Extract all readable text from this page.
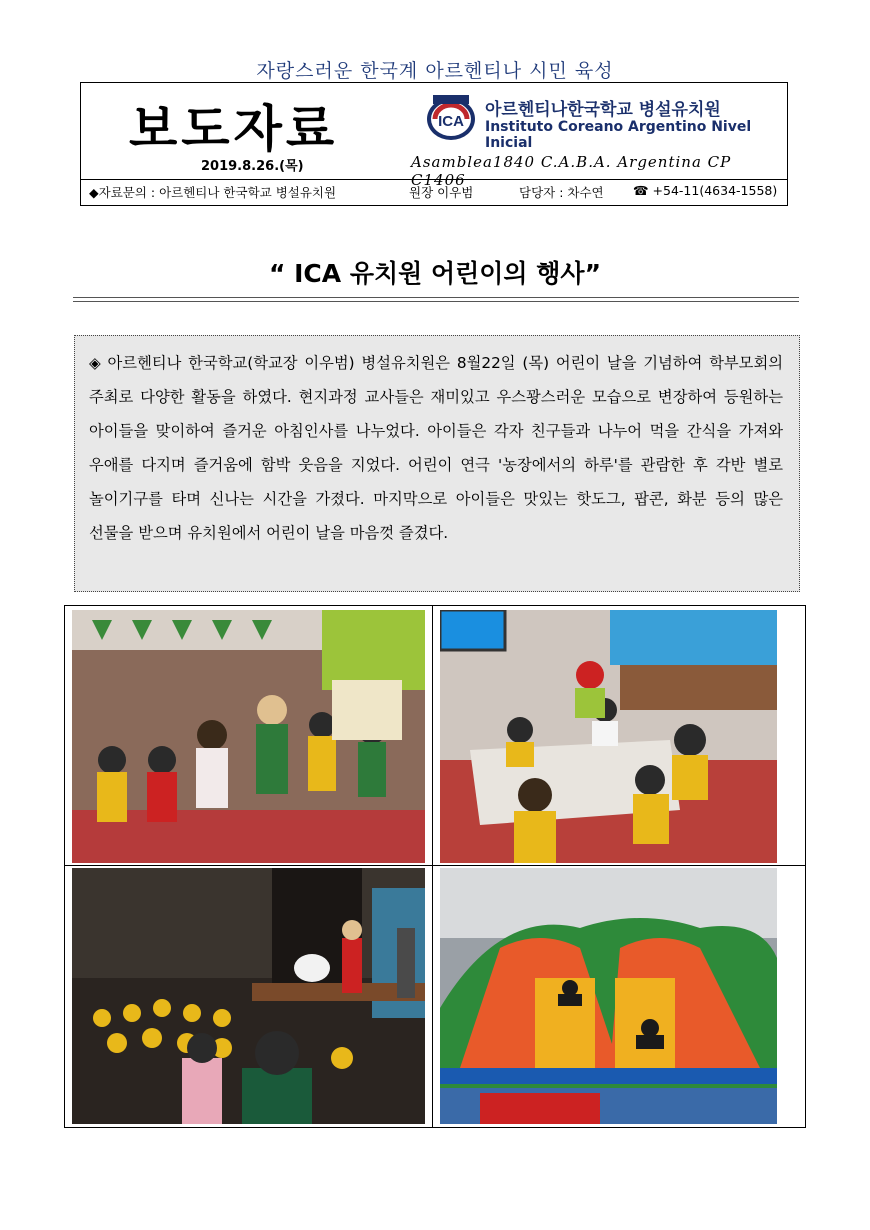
자랑스러운 한국계 아르헨티나 시민 육성
보도자료
2019.8.26.(목)
ICA
아르헨티나한국학교 병설유치원
Instituto Coreano Argentino Nivel Inicial
Asamblea1840 C.A.B.A. Argentina CP C1406
◆자료문의 : 아르헨티나 한국학교 병설유치원	원장 이우범	담당자 : 차수연	☎ +54-11(4634-1558)
“ ICA 유치원 어린이의 행사”
◈ 아르헨티나 한국학교(학교장 이우범) 병설유치원은 8월22일 (목) 어린이 날을 기념하여 학부모회의 주최로 다양한 활동을 하였다. 현지과정 교사들은 재미있고 우스꽝스러운 모습으로 변장하여 등원하는 아이들을 맞이하여 즐거운 아침인사를 나누었다. 아이들은 각자 친구들과 나누어 먹을 간식을 가져와 우애를 다지며 즐거움에 함박 웃음을 지었다. 어린이 연극 '농장에서의 하루'를 관람한 후 각반 별로 놀이기구를 타며 신나는 시간을 가졌다. 마지막으로 아이들은 맛있는 핫도그, 팝콘, 화분 등의 많은 선물을 받으며 유치원에서 어린이 날을 마음껏 즐겼다.
